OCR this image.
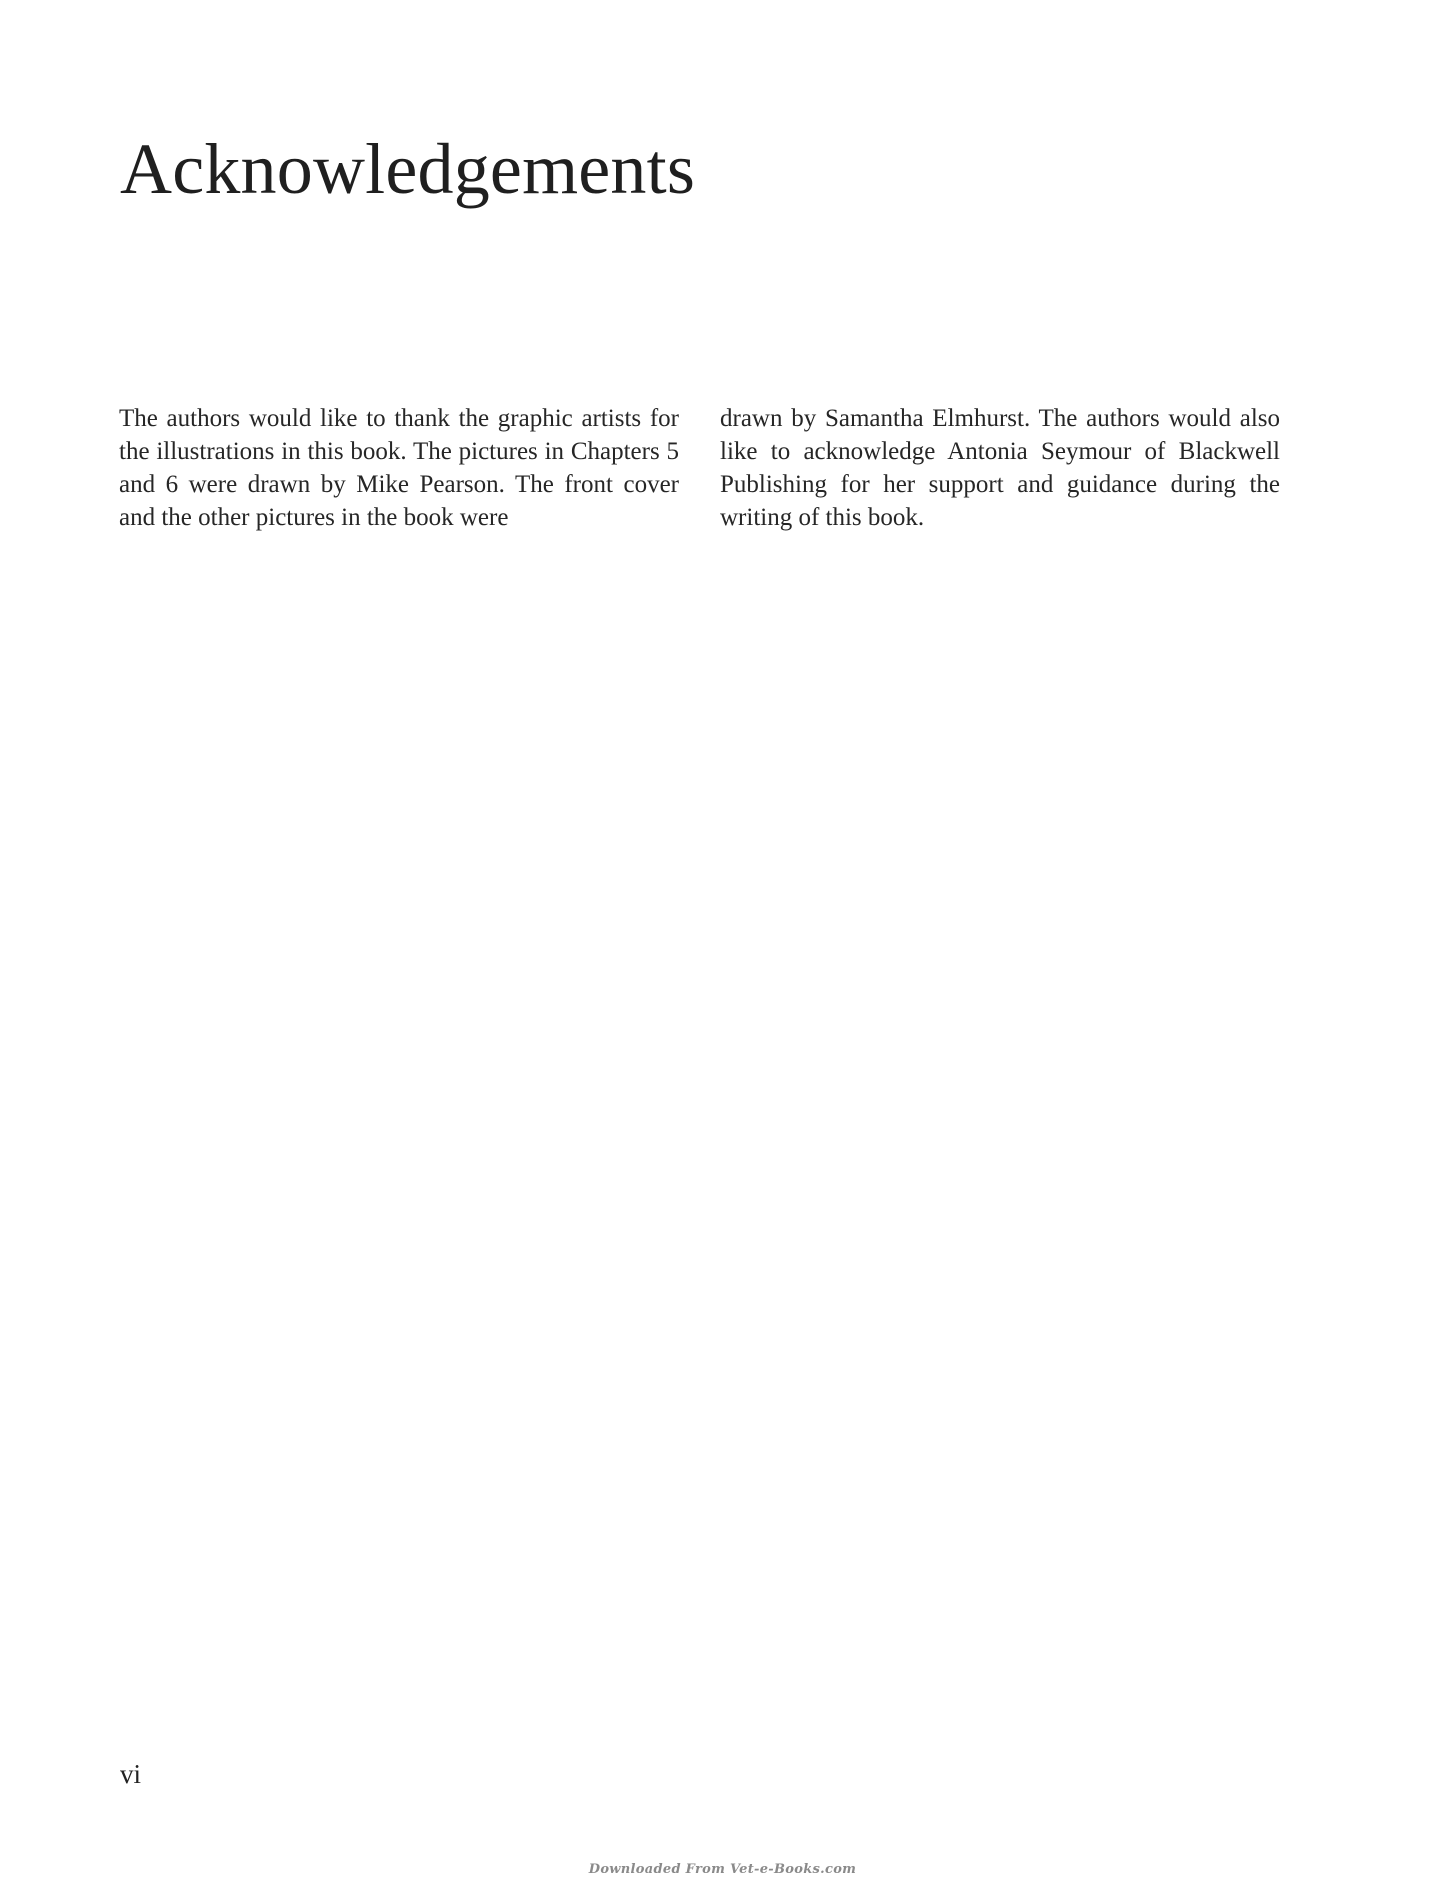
Acknowledgements

The authors would like to thank the graphic artists for the illustrations in this book. The pictures in Chapters 5 and 6 were drawn by Mike Pearson. The front cover and the other pictures in the book were

drawn by Samantha Elmhurst. The authors would also like to acknowledge Antonia Seymour of Blackwell Publishing for her support and guidance during the writing of this book.

vi
Downloaded From Vet-e-Books.com
